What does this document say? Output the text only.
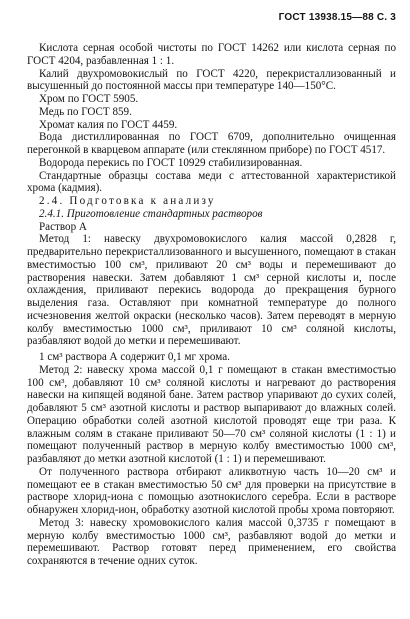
ГОСТ 13938.15—88 С. 3

Кислота серная особой чистоты по ГОСТ 14262 или кислота серная по ГОСТ 4204, разбавленная 1 : 1.

Калий двухромовокислый по ГОСТ 4220, перекристаллизованный и высушенный до постоянной массы при температуре 140—150°С.

Хром по ГОСТ 5905.

Медь по ГОСТ 859.

Хромат калия по ГОСТ 4459.

Вода дистиллированная по ГОСТ 6709, дополнительно очищенная перегонкой в кварцевом аппарате (или стеклянном приборе) по ГОСТ 4517.

Водорода перекись по ГОСТ 10929 стабилизированная.

Стандартные образцы состава меди с аттестованной характеристикой хрома (кадмия).

2.4. Подготовка к анализу

2.4.1. Приготовление стандартных растворов

Раствор А

Метод 1: навеску двухромовокислого калия массой 0,2828 г, предварительно перекристаллизованного и высушенного, помещают в стакан вместимостью 100 см³, приливают 20 см³ воды и перемешивают до растворения навески. Затем добавляют 1 см³ серной кислоты и, после охлаждения, приливают перекись водорода до прекращения бурного выделения газа. Оставляют при комнатной температуре до полного исчезновения желтой окраски (несколько часов). Затем переводят в мерную колбу вместимостью 1000 см³, приливают 10 см³ соляной кислоты, разбавляют водой до метки и перемешивают.

1 см³ раствора А содержит 0,1 мг хрома.

Метод 2: навеску хрома массой 0,1 г помещают в стакан вместимостью 100 см³, добавляют 10 см³ соляной кислоты и нагревают до растворения навески на кипящей водяной бане. Затем раствор упаривают до сухих солей, добавляют 5 см³ азотной кислоты и раствор выпаривают до влажных солей. Операцию обработки солей азотной кислотой проводят еще три раза. К влажным солям в стакане приливают 50—70 см³ соляной кислоты (1 : 1) и помещают полученный раствор в мерную колбу вместимостью 1000 см³, разбавляют до метки азотной кислотой (1 : 1) и перемешивают.

От полученного раствора отбирают аликвотную часть 10—20 см³ и помещают ее в стакан вместимостью 50 см³ для проверки на присутствие в растворе хлорид-иона с помощью азотнокислого серебра. Если в растворе обнаружен хлорид-ион, обработку азотной кислотой пробы хрома повторяют.

Метод 3: навеску хромовокислого калия массой 0,3735 г помещают в мерную колбу вместимостью 1000 см³, разбавляют водой до метки и перемешивают. Раствор готовят перед применением, его свойства сохраняются в течение одних суток.
